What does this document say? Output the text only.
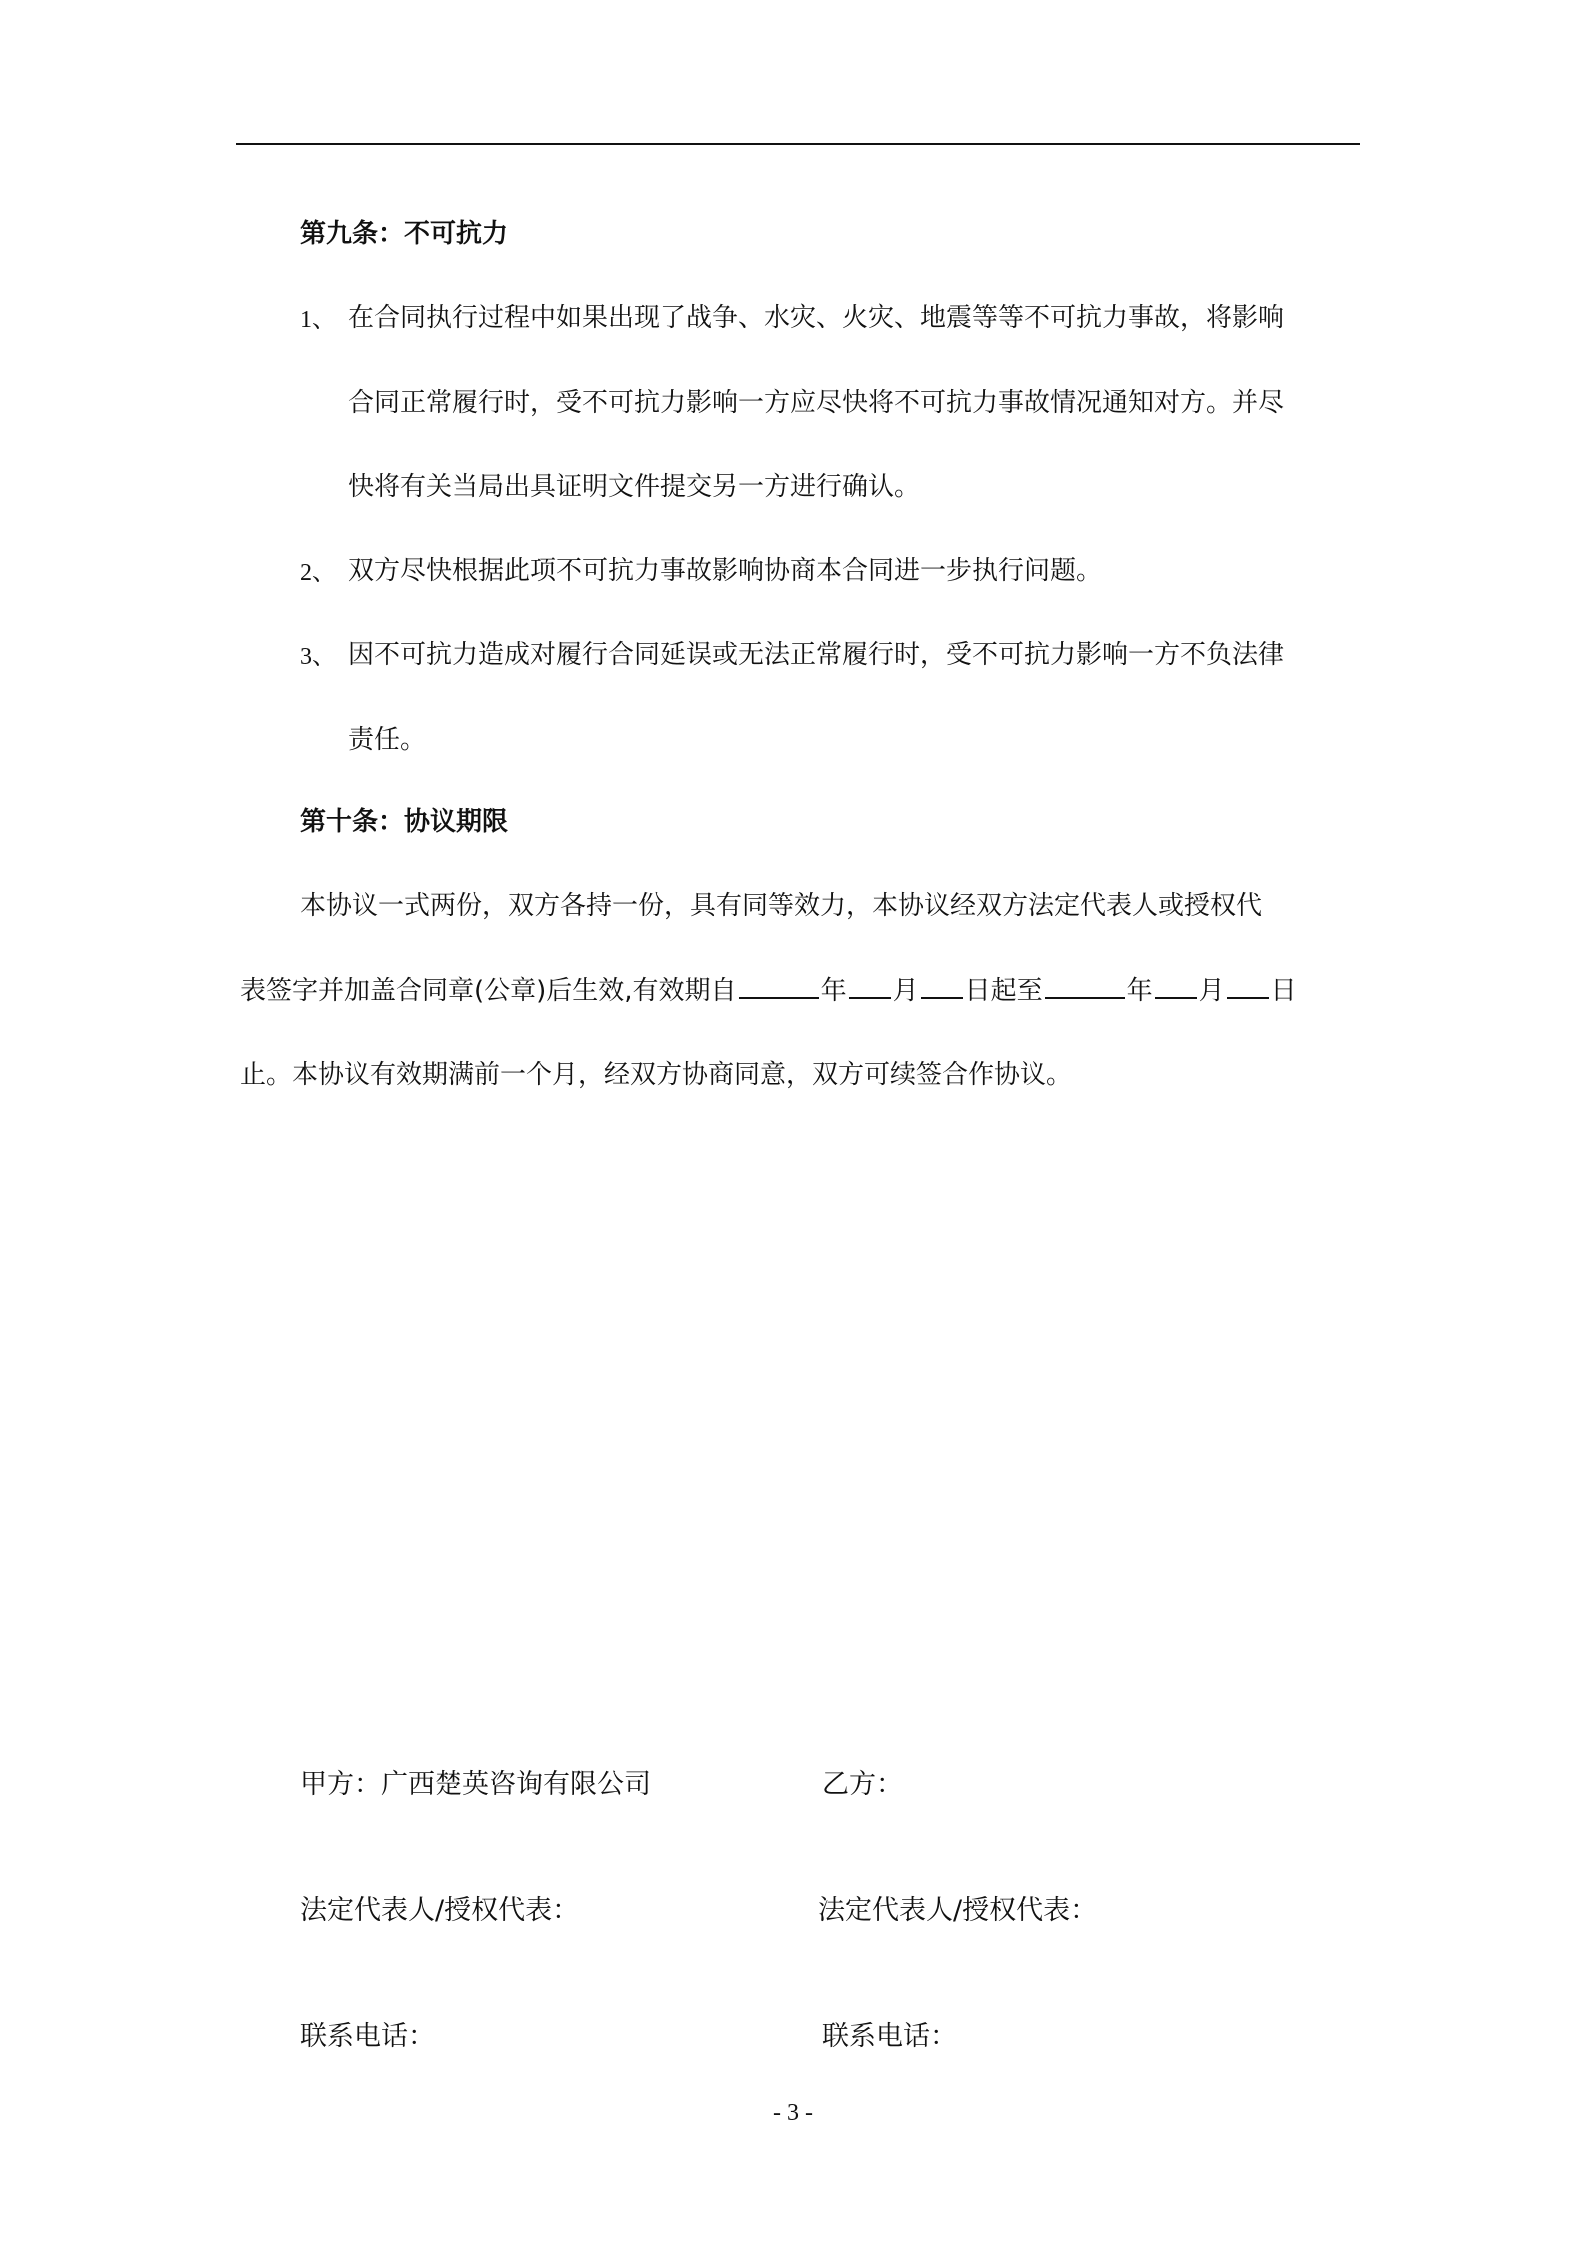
第九条：不可抗力
1、 在合同执行过程中如果出现了战争、水灾、火灾、地震等等不可抗力事故，将影响
合同正常履行时，受不可抗力影响一方应尽快将不可抗力事故情况通知对方。并尽
快将有关当局出具证明文件提交另一方进行确认。
2、 双方尽快根据此项不可抗力事故影响协商本合同进一步执行问题。
3、 因不可抗力造成对履行合同延误或无法正常履行时，受不可抗力影响一方不负法律
责任。
第十条：协议期限
本协议一式两份，双方各持一份，具有同等效力，本协议经双方法定代表人或授权代
表签字并加盖合同章(公章)后生效,有效期自	年 月 日起至	年 月 日
止。本协议有效期满前一个月，经双方协商同意，双方可续签合作协议。
甲方：广西楚英咨询有限公司	乙方：
法定代表人/授权代表：	法定代表人/授权代表：
联系电话：	联系电话：
- 3 -
